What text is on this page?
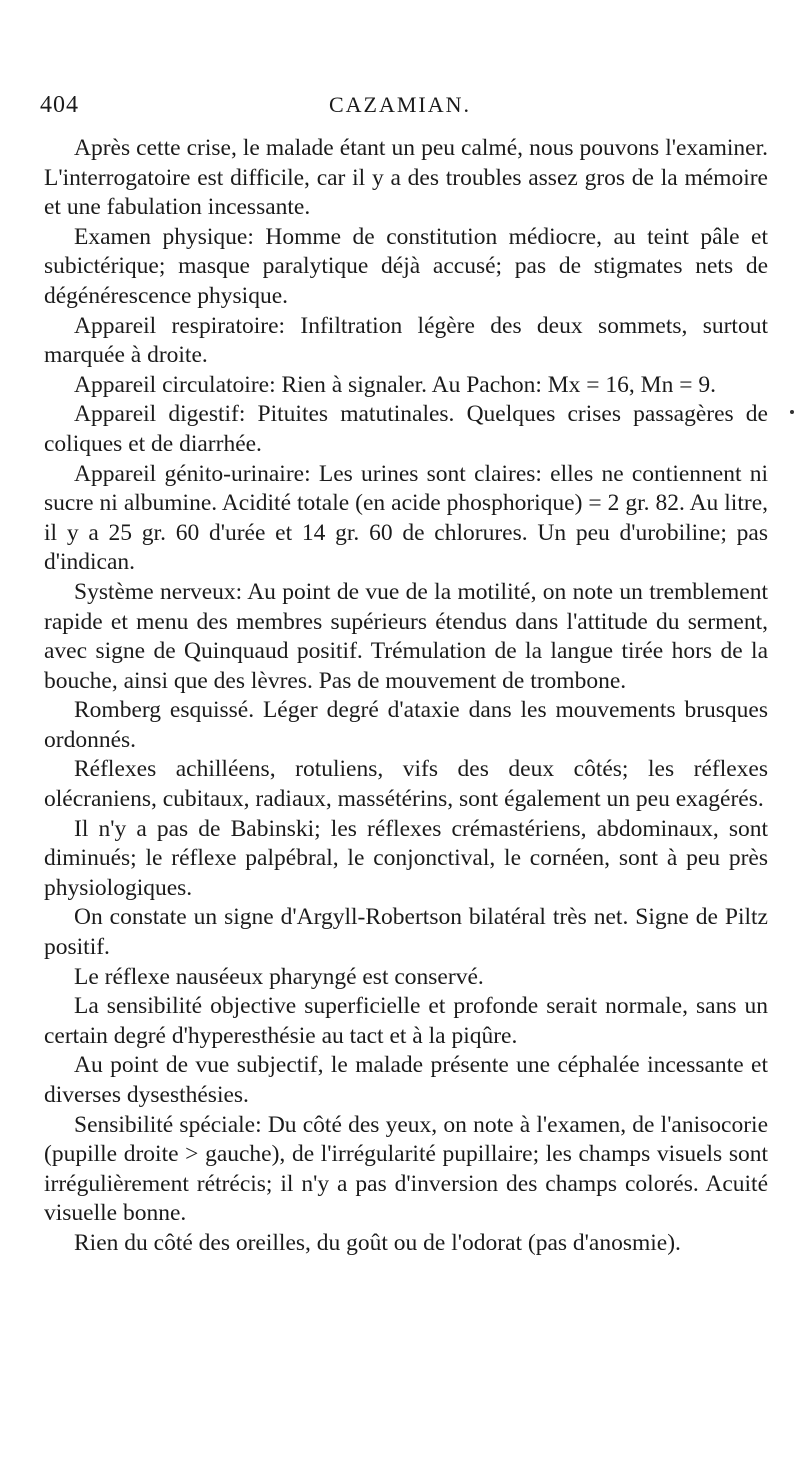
404	CAZAMIAN.

Après cette crise, le malade étant un peu calmé, nous pouvons l'examiner. L'interrogatoire est difficile, car il y a des troubles assez gros de la mémoire et une fabulation incessante.

Examen physique: Homme de constitution médiocre, au teint pâle et subictérique; masque paralytique déjà accusé; pas de stigmates nets de dégénérescence physique.

Appareil respiratoire: Infiltration légère des deux sommets, surtout marquée à droite.

Appareil circulatoire: Rien à signaler. Au Pachon: Mx = 16, Mn = 9.

Appareil digestif: Pituites matutinales. Quelques crises passagères de coliques et de diarrhée.

Appareil génito-urinaire: Les urines sont claires: elles ne contiennent ni sucre ni albumine. Acidité totale (en acide phosphorique) = 2 gr. 82. Au litre, il y a 25 gr. 60 d'urée et 14 gr. 60 de chlorures. Un peu d'urobiline; pas d'indican.

Système nerveux: Au point de vue de la motilité, on note un tremblement rapide et menu des membres supérieurs étendus dans l'attitude du serment, avec signe de Quinquaud positif. Trémulation de la langue tirée hors de la bouche, ainsi que des lèvres. Pas de mouvement de trombone.

Romberg esquissé. Léger degré d'ataxie dans les mouvements brusques ordonnés.

Réflexes achilléens, rotuliens, vifs des deux côtés; les réflexes olécraniens, cubitaux, radiaux, massétérins, sont également un peu exagérés.

Il n'y a pas de Babinski; les réflexes crémastériens, abdominaux, sont diminués; le réflexe palpébral, le conjonctival, le cornéen, sont à peu près physiologiques.

On constate un signe d'Argyll-Robertson bilatéral très net. Signe de Piltz positif.

Le réflexe nauséeux pharyngé est conservé.

La sensibilité objective superficielle et profonde serait normale, sans un certain degré d'hyperesthésie au tact et à la piqûre.

Au point de vue subjectif, le malade présente une céphalée incessante et diverses dysesthésies.

Sensibilité spéciale: Du côté des yeux, on note à l'examen, de l'anisocorie (pupille droite > gauche), de l'irrégularité pupillaire; les champs visuels sont irrégulièrement rétrécis; il n'y a pas d'inversion des champs colorés. Acuité visuelle bonne.

Rien du côté des oreilles, du goût ou de l'odorat (pas d'anosmie).
